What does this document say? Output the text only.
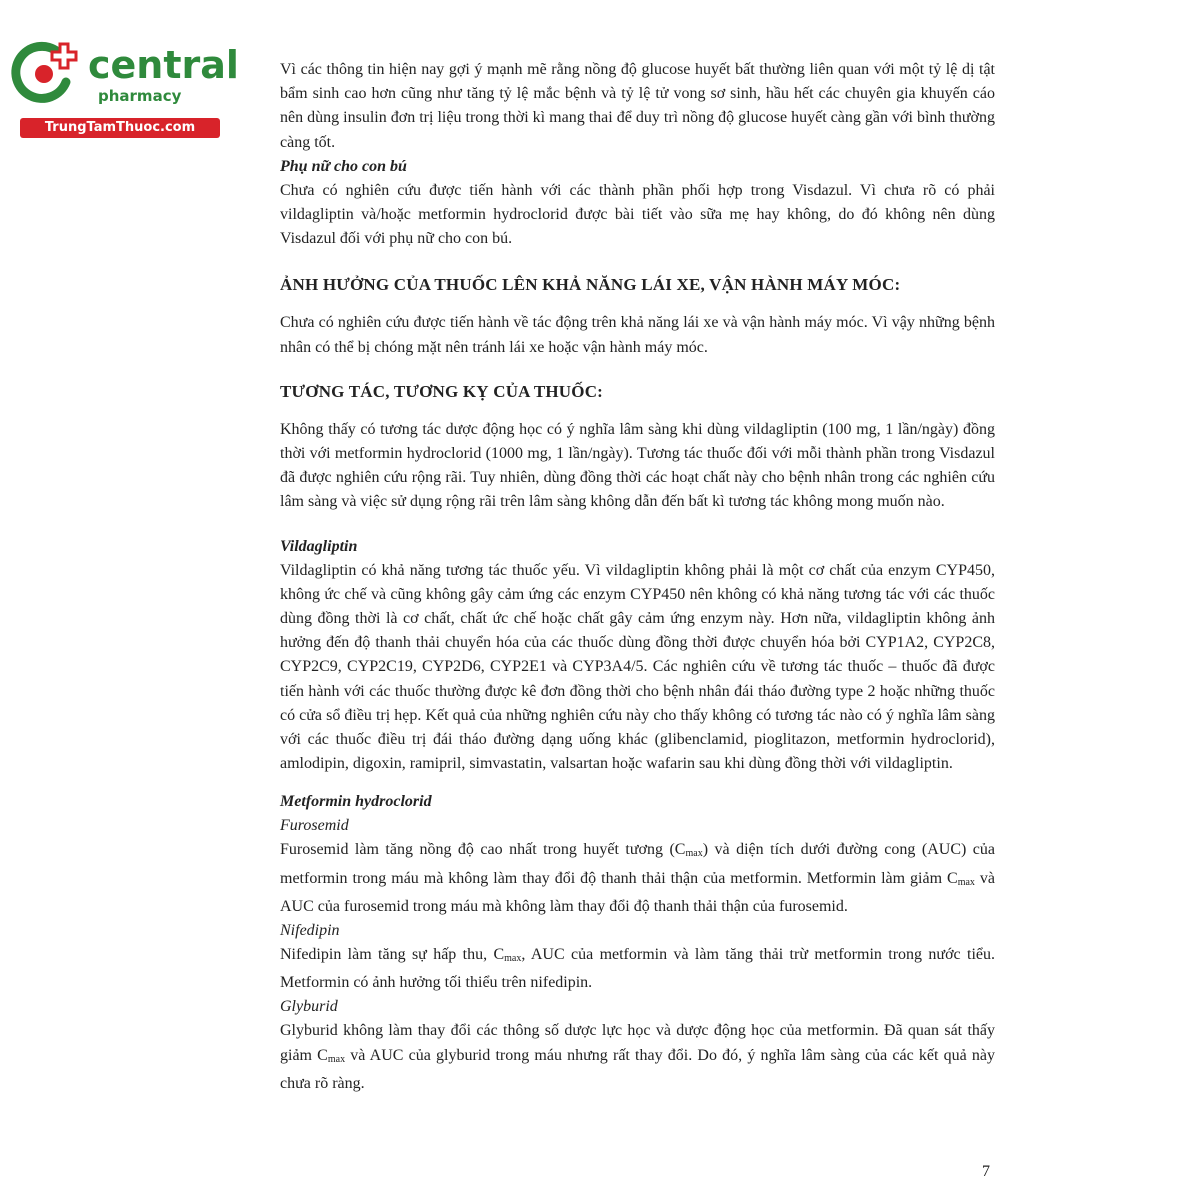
central
pharmacy
TrungTamThuoc.com

Vì các thông tin hiện nay gợi ý mạnh mẽ rằng nồng độ glucose huyết bất thường liên quan với một tỷ lệ dị tật bẩm sinh cao hơn cũng như tăng tỷ lệ mắc bệnh và tỷ lệ tử vong sơ sinh, hầu hết các chuyên gia khuyến cáo nên dùng insulin đơn trị liệu trong thời kì mang thai để duy trì nồng độ glucose huyết càng gần với bình thường càng tốt.

Phụ nữ cho con bú

Chưa có nghiên cứu được tiến hành với các thành phần phối hợp trong Visdazul. Vì chưa rõ có phải vildagliptin và/hoặc metformin hydroclorid được bài tiết vào sữa mẹ hay không, do đó không nên dùng Visdazul đối với phụ nữ cho con bú.

ẢNH HƯỞNG CỦA THUỐC LÊN KHẢ NĂNG LÁI XE, VẬN HÀNH MÁY MÓC:

Chưa có nghiên cứu được tiến hành về tác động trên khả năng lái xe và vận hành máy móc. Vì vậy những bệnh nhân có thể bị chóng mặt nên tránh lái xe hoặc vận hành máy móc.

TƯƠNG TÁC, TƯƠNG KỴ CỦA THUỐC:

Không thấy có tương tác dược động học có ý nghĩa lâm sàng khi dùng vildagliptin (100 mg, 1 lần/ngày) đồng thời với metformin hydroclorid (1000 mg, 1 lần/ngày). Tương tác thuốc đối với mỗi thành phần trong Visdazul đã được nghiên cứu rộng rãi. Tuy nhiên, dùng đồng thời các hoạt chất này cho bệnh nhân trong các nghiên cứu lâm sàng và việc sử dụng rộng rãi trên lâm sàng không dẫn đến bất kì tương tác không mong muốn nào.

Vildagliptin

Vildagliptin có khả năng tương tác thuốc yếu. Vì vildagliptin không phải là một cơ chất của enzym CYP450, không ức chế và cũng không gây cảm ứng các enzym CYP450 nên không có khả năng tương tác với các thuốc dùng đồng thời là cơ chất, chất ức chế hoặc chất gây cảm ứng enzym này. Hơn nữa, vildagliptin không ảnh hưởng đến độ thanh thải chuyển hóa của các thuốc dùng đồng thời được chuyển hóa bởi CYP1A2, CYP2C8, CYP2C9, CYP2C19, CYP2D6, CYP2E1 và CYP3A4/5. Các nghiên cứu về tương tác thuốc – thuốc đã được tiến hành với các thuốc thường được kê đơn đồng thời cho bệnh nhân đái tháo đường type 2 hoặc những thuốc có cửa sổ điều trị hẹp. Kết quả của những nghiên cứu này cho thấy không có tương tác nào có ý nghĩa lâm sàng với các thuốc điều trị đái tháo đường dạng uống khác (glibenclamid, pioglitazon, metformin hydroclorid), amlodipin, digoxin, ramipril, simvastatin, valsartan hoặc wafarin sau khi dùng đồng thời với vildagliptin.

Metformin hydroclorid

Furosemid

Furosemid làm tăng nồng độ cao nhất trong huyết tương $(C_{max})$ và diện tích dưới đường cong (AUC) của metformin trong máu mà không làm thay đổi độ thanh thải thận của metformin. Metformin làm giảm $C_{max}$ và AUC của furosemid trong máu mà không làm thay đổi độ thanh thải thận của furosemid.

Nifedipin

Nifedipin làm tăng sự hấp thu, $C_{max}$, AUC của metformin và làm tăng thải trừ metformin trong nước tiểu. Metformin có ảnh hưởng tối thiểu trên nifedipin.

Glyburid

Glyburid không làm thay đổi các thông số dược lực học và dược động học của metformin. Đã quan sát thấy giảm $C_{max}$ và AUC của glyburid trong máu nhưng rất thay đổi. Do đó, ý nghĩa lâm sàng của các kết quả này chưa rõ ràng.

7
